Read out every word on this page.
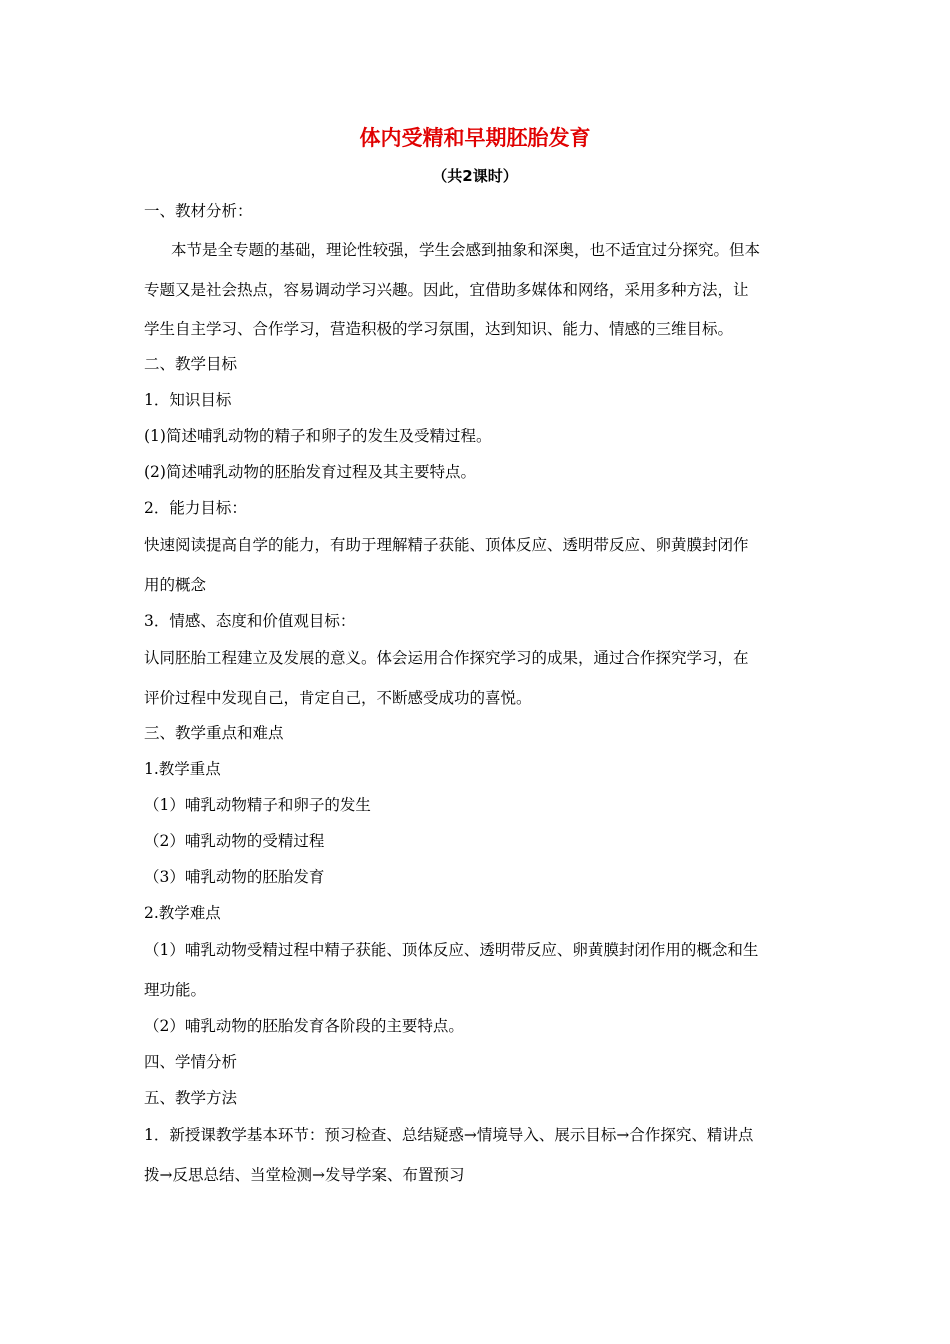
体内受精和早期胚胎发育
（共2课时）
一、教材分析：
本节是全专题的基础，理论性较强，学生会感到抽象和深奥，也不适宜过分探究。但本
专题又是社会热点，容易调动学习兴趣。因此，宜借助多媒体和网络，采用多种方法，让
学生自主学习、合作学习，营造积极的学习氛围，达到知识、能力、情感的三维目标。
二、教学目标
1．知识目标
(1)简述哺乳动物的精子和卵子的发生及受精过程。
(2)简述哺乳动物的胚胎发育过程及其主要特点。
2．能力目标：
快速阅读提高自学的能力，有助于理解精子获能、顶体反应、透明带反应、卵黄膜封闭作
用的概念
3．情感、态度和价值观目标：
认同胚胎工程建立及发展的意义。体会运用合作探究学习的成果，通过合作探究学习，在
评价过程中发现自己，肯定自己，不断感受成功的喜悦。
三、教学重点和难点
1.教学重点
（1）哺乳动物精子和卵子的发生
（2）哺乳动物的受精过程
（3）哺乳动物的胚胎发育
2.教学难点
（1）哺乳动物受精过程中精子获能、顶体反应、透明带反应、卵黄膜封闭作用的概念和生
理功能。
（2）哺乳动物的胚胎发育各阶段的主要特点。
四、学情分析
五、教学方法
1．新授课教学基本环节：预习检查、总结疑惑→情境导入、展示目标→合作探究、精讲点
拨→反思总结、当堂检测→发导学案、布置预习
